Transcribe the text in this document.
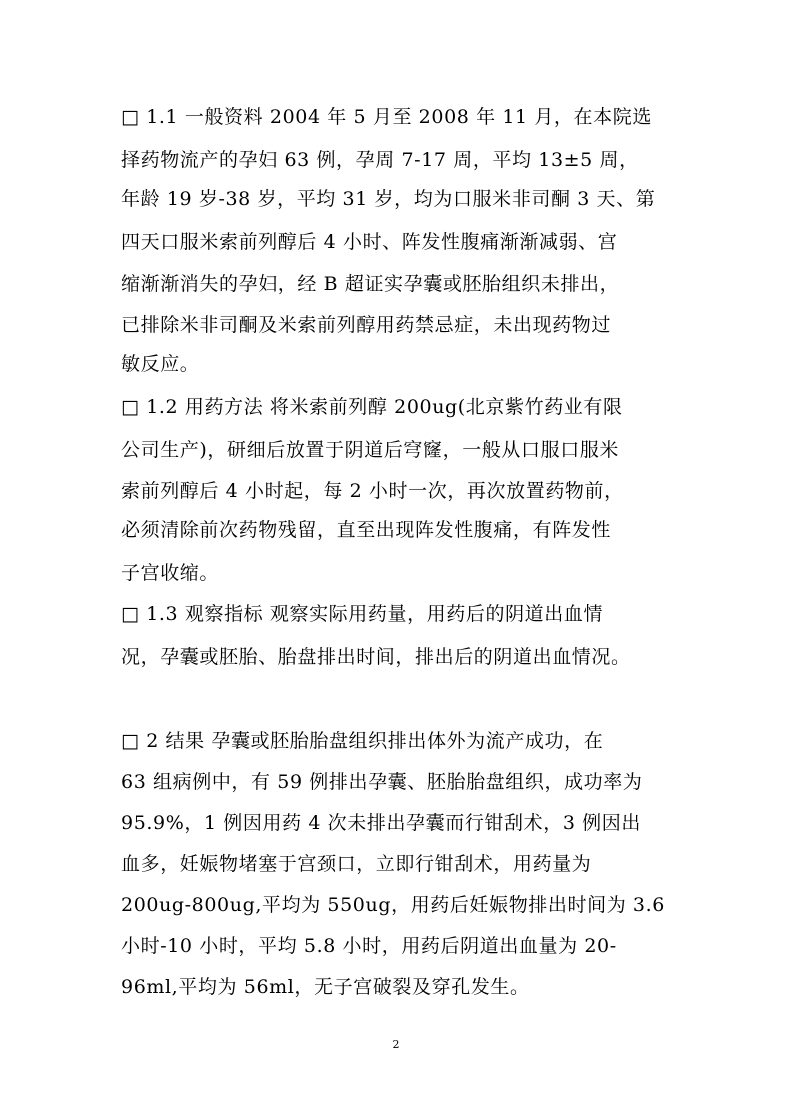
□ 1.1 一般资料 2004 年 5 月至 2008 年 11 月，在本院选
择药物流产的孕妇 63 例，孕周 7-17 周，平均 13±5 周，
年龄 19 岁-38 岁，平均 31 岁，均为口服米非司酮 3 天、第
四天口服米索前列醇后 4 小时、阵发性腹痛渐渐减弱、宫
缩渐渐消失的孕妇，经 B 超证实孕囊或胚胎组织未排出，
已排除米非司酮及米索前列醇用药禁忌症，未出现药物过
敏反应。
□ 1.2 用药方法 将米索前列醇 200ug(北京紫竹药业有限
公司生产)，研细后放置于阴道后穹窿，一般从口服口服米
索前列醇后 4 小时起，每 2 小时一次，再次放置药物前，
必须清除前次药物残留，直至出现阵发性腹痛，有阵发性
子宫收缩。
□ 1.3 观察指标 观察实际用药量，用药后的阴道出血情
况，孕囊或胚胎、胎盘排出时间，排出后的阴道出血情况。
□ 2 结果 孕囊或胚胎胎盘组织排出体外为流产成功，在
63 组病例中，有 59 例排出孕囊、胚胎胎盘组织，成功率为
95.9%，1 例因用药 4 次未排出孕囊而行钳刮术，3 例因出
血多，妊娠物堵塞于宫颈口，立即行钳刮术，用药量为
200ug-800ug,平均为 550ug，用药后妊娠物排出时间为 3.6
小时-10 小时，平均 5.8 小时，用药后阴道出血量为 20-
96ml,平均为 56ml，无子宫破裂及穿孔发生。
2
